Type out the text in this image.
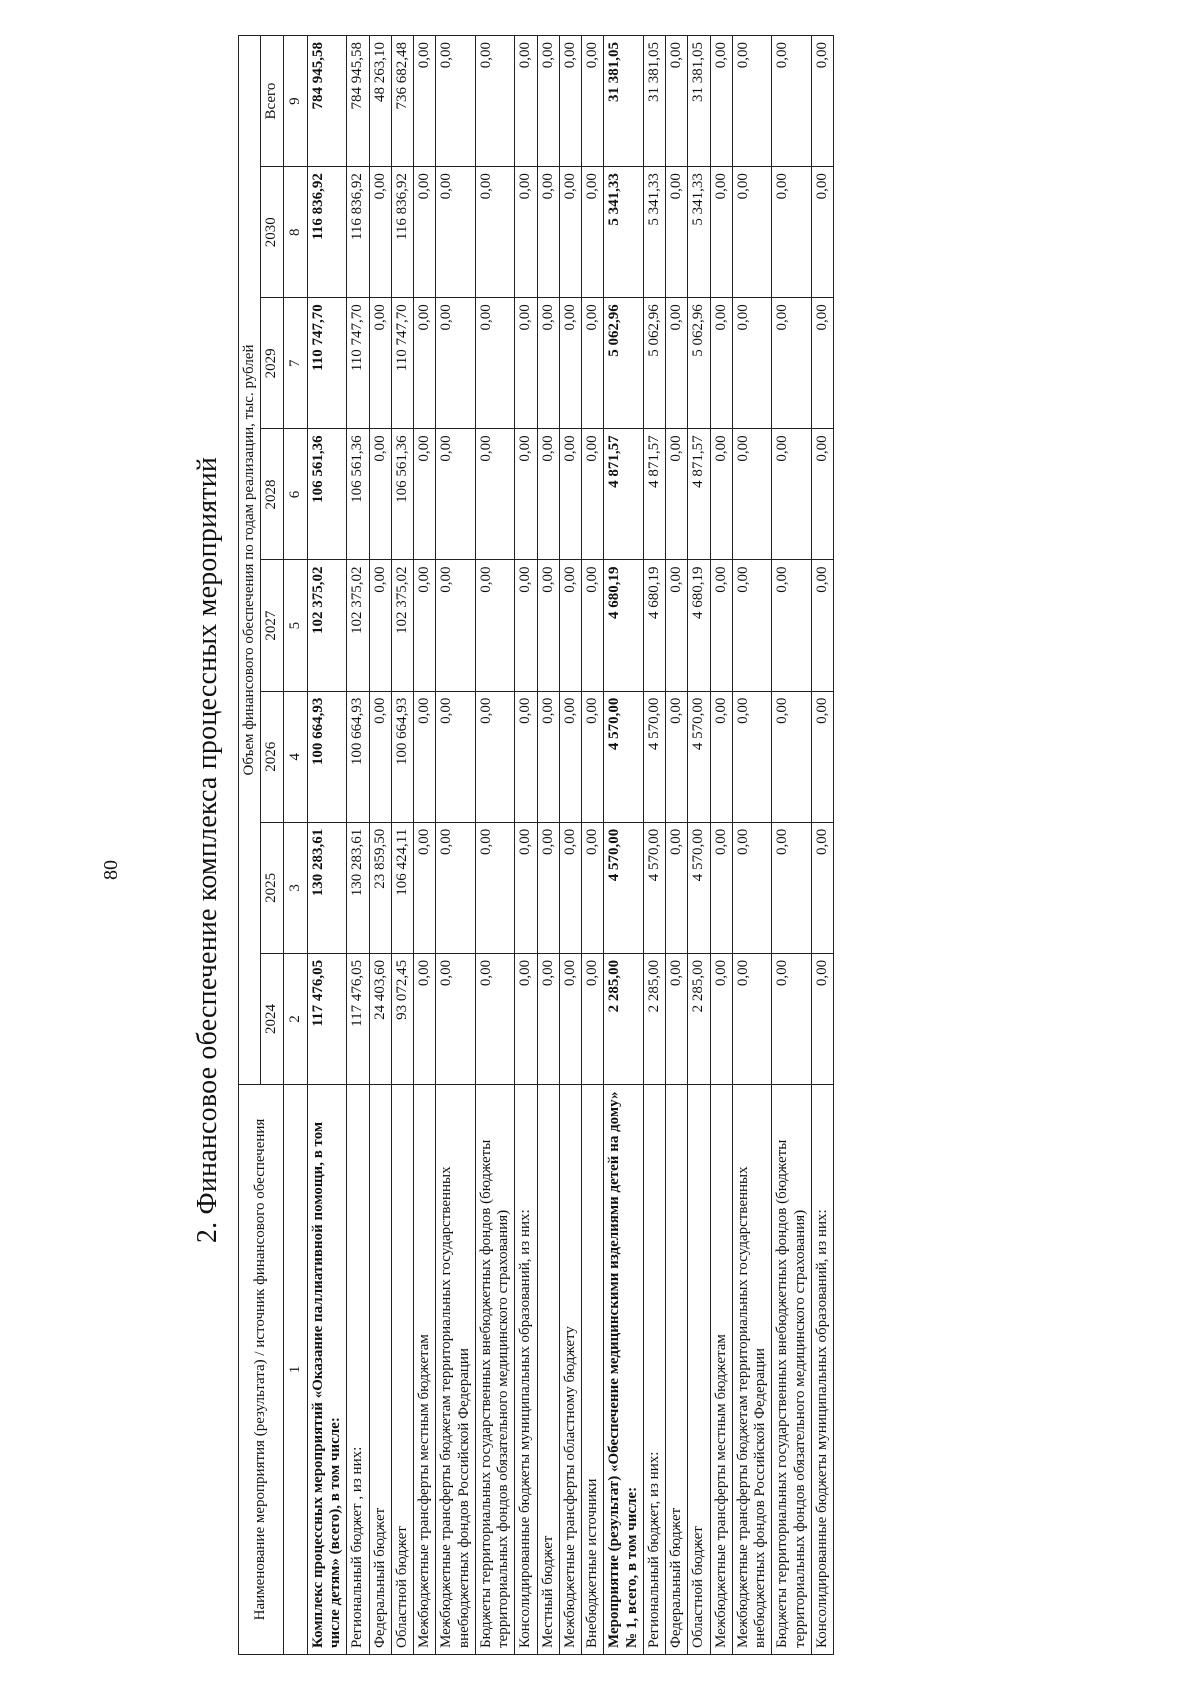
80	2. Финансовое обеспечение комплекса процессных мероприятий
Наименование мероприятия (результата) / источник финансового обеспечения	Объем финансового обеспечения по годам реализации, тыс. рублей							
	2024	2025	2026	2027	2028	2029	2030	Всего
1	2	3	4	5	6	7	8	9
Комплекс процессных мероприятий «Оказание паллиативной помощи, в том числе детям» (всего), в том числе:	117 476,05	130 283,61	100 664,93	102 375,02	106 561,36	110 747,70	116 836,92	784 945,58
Региональный бюджет , из них:	117 476,05	130 283,61	100 664,93	102 375,02	106 561,36	110 747,70	116 836,92	784 945,58
Федеральный бюджет	24 403,60	23 859,50	0,00	0,00	0,00	0,00	0,00	48 263,10
Областной бюджет	93 072,45	106 424,11	100 664,93	102 375,02	106 561,36	110 747,70	116 836,92	736 682,48
Межбюджетные трансферты местным бюджетам	0,00	0,00	0,00	0,00	0,00	0,00	0,00	0,00
Межбюджетные трансферты бюджетам территориальных государственных внебюджетных фондов Российской Федерации	0,00	0,00	0,00	0,00	0,00	0,00	0,00	0,00
Бюджеты территориальных государственных внебюджетных фондов (бюджеты территориальных фондов обязательного медицинского страхования)	0,00	0,00	0,00	0,00	0,00	0,00	0,00	0,00
Консолидированные бюджеты муниципальных образований, из них:	0,00	0,00	0,00	0,00	0,00	0,00	0,00	0,00
Местный бюджет	0,00	0,00	0,00	0,00	0,00	0,00	0,00	0,00
Межбюджетные трансферты областному бюджету	0,00	0,00	0,00	0,00	0,00	0,00	0,00	0,00
Внебюджетные источники	0,00	0,00	0,00	0,00	0,00	0,00	0,00	0,00
Мероприятие (результат) «Обеспечение медицинскими изделиями детей на дому» № 1, всего, в том числе:	2 285,00	4 570,00	4 570,00	4 680,19	4 871,57	5 062,96	5 341,33	31 381,05
Региональный бюджет, из них:	2 285,00	4 570,00	4 570,00	4 680,19	4 871,57	5 062,96	5 341,33	31 381,05
Федеральный бюджет	0,00	0,00	0,00	0,00	0,00	0,00	0,00	0,00
Областной бюджет	2 285,00	4 570,00	4 570,00	4 680,19	4 871,57	5 062,96	5 341,33	31 381,05
Межбюджетные трансферты местным бюджетам	0,00	0,00	0,00	0,00	0,00	0,00	0,00	0,00
Межбюджетные трансферты бюджетам территориальных государственных внебюджетных фондов Российской Федерации	0,00	0,00	0,00	0,00	0,00	0,00	0,00	0,00
Бюджеты территориальных государственных внебюджетных фондов (бюджеты территориальных фондов обязательного медицинского страхования)	0,00	0,00	0,00	0,00	0,00	0,00	0,00	0,00
Консолидированные бюджеты муниципальных образований, из них:	0,00	0,00	0,00	0,00	0,00	0,00	0,00	0,00
